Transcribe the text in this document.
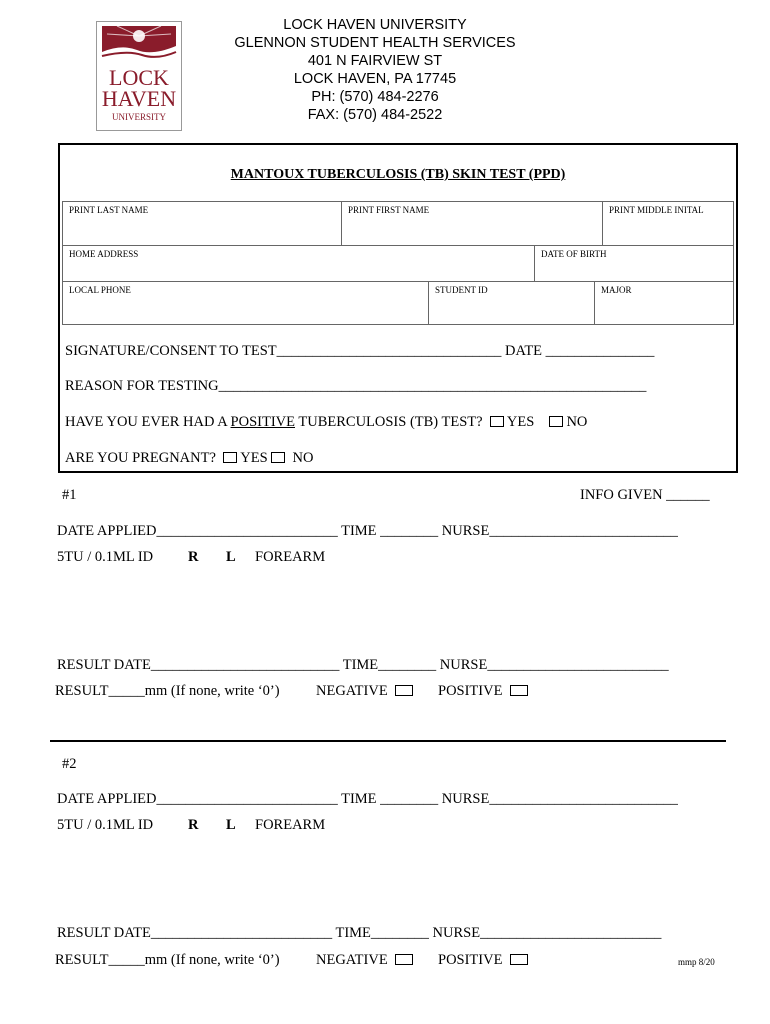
LOCK
HAVEN
UNIVERSITY
LOCK HAVEN UNIVERSITY
GLENNON STUDENT HEALTH SERVICES
401 N FAIRVIEW ST
LOCK HAVEN, PA 17745
PH: (570) 484-2276
FAX: (570) 484-2522
MANTOUX TUBERCULOSIS (TB) SKIN TEST (PPD)
PRINT LAST NAME	PRINT FIRST NAME	PRINT MIDDLE INITAL
HOME ADDRESS	DATE OF BIRTH
LOCAL PHONE	STUDENT ID	MAJOR
SIGNATURE/CONSENT TO TEST_______________________________ DATE _______________
REASON FOR TESTING___________________________________________________________
HAVE YOU EVER HAD A POSITIVE TUBERCULOSIS (TB) TEST? YES NO
ARE YOU PREGNANT? YES NO
#1	INFO GIVEN ______
DATE APPLIED_________________________ TIME ________ NURSE__________________________
5TU / 0.1ML ID R L FOREARM
RESULT DATE__________________________ TIME________ NURSE_________________________
RESULT_____mm (If none, write ‘0’)	NEGATIVE	POSITIVE
#2
DATE APPLIED_________________________ TIME ________ NURSE__________________________
5TU / 0.1ML ID R L FOREARM
RESULT DATE_________________________ TIME________ NURSE_________________________
RESULT_____mm (If none, write ‘0’)	NEGATIVE	POSITIVE	mmp 8/20
